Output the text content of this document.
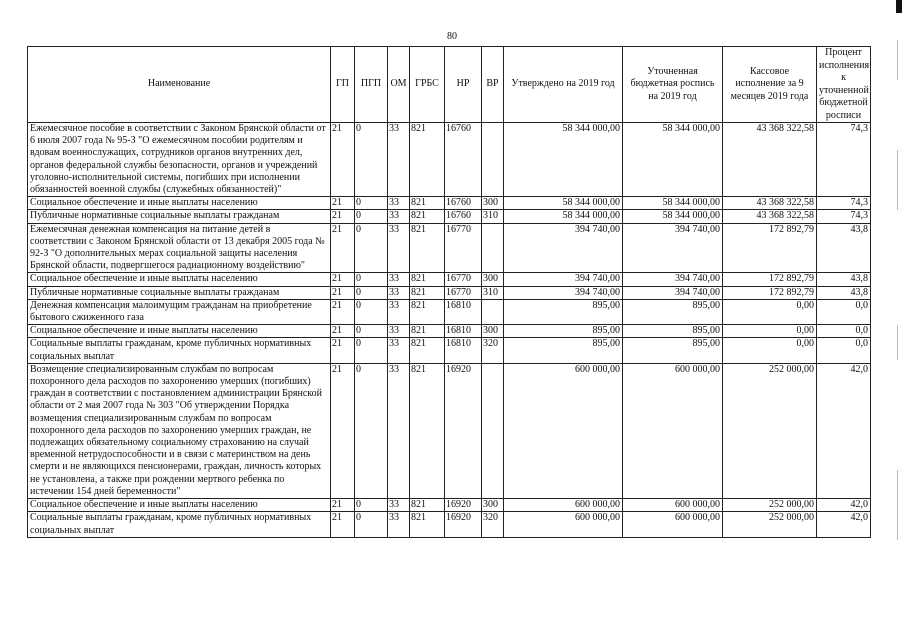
80
Наименование	ГП	ПГП	ОМ	ГРБС	НР	ВР	Утверждено на 2019 год	Уточненная бюджетная роспись на 2019 год	Кассовое исполнение за 9 месяцев 2019 года	Процент исполнения к уточненной бюджетной росписи
Ежемесячное пособие в соответствии с Законом Брянской области от 6 июля 2007 года № 95-З "О ежемесячном пособии родителям и вдовам военнослужащих, сотрудников органов внутренних дел, органов федеральной службы безопасности, органов и учреждений уголовно-исполнительной системы, погибших при исполнении обязанностей военной службы (служебных обязанностей)"	21	0	33	821	16760		58 344 000,00	58 344 000,00	43 368 322,58	74,3
Социальное обеспечение и иные выплаты населению	21	0	33	821	16760	300	58 344 000,00	58 344 000,00	43 368 322,58	74,3
Публичные нормативные социальные выплаты гражданам	21	0	33	821	16760	310	58 344 000,00	58 344 000,00	43 368 322,58	74,3
Ежемесячная денежная компенсация на питание детей в соответствии с Законом Брянской области от 13 декабря 2005 года № 92-З "О дополнительных мерах социальной защиты населения Брянской области, подвергшегося радиационному воздействию"	21	0	33	821	16770		394 740,00	394 740,00	172 892,79	43,8
Социальное обеспечение и иные выплаты населению	21	0	33	821	16770	300	394 740,00	394 740,00	172 892,79	43,8
Публичные нормативные социальные выплаты гражданам	21	0	33	821	16770	310	394 740,00	394 740,00	172 892,79	43,8
Денежная компенсация малоимущим гражданам на приобретение бытового сжиженного газа	21	0	33	821	16810		895,00	895,00	0,00	0,0
Социальное обеспечение и иные выплаты населению	21	0	33	821	16810	300	895,00	895,00	0,00	0,0
Социальные выплаты гражданам, кроме публичных нормативных социальных выплат	21	0	33	821	16810	320	895,00	895,00	0,00	0,0
Возмещение специализированным службам по вопросам похоронного дела расходов по захоронению умерших (погибших) граждан в соответствии с постановлением администрации Брянской области от 2 мая 2007 года № 303 "Об утверждении Порядка возмещения специализированным службам по вопросам похоронного дела расходов по захоронению умерших граждан, не подлежащих обязательному социальному страхованию на случай временной нетрудоспособности и в связи с материнством на день смерти и не являющихся пенсионерами, граждан, личность которых не установлена, а также при рождении мертвого ребенка по истечении 154 дней беременности"	21	0	33	821	16920		600 000,00	600 000,00	252 000,00	42,0
Социальное обеспечение и иные выплаты населению	21	0	33	821	16920	300	600 000,00	600 000,00	252 000,00	42,0
Социальные выплаты гражданам, кроме публичных нормативных социальных выплат	21	0	33	821	16920	320	600 000,00	600 000,00	252 000,00	42,0
